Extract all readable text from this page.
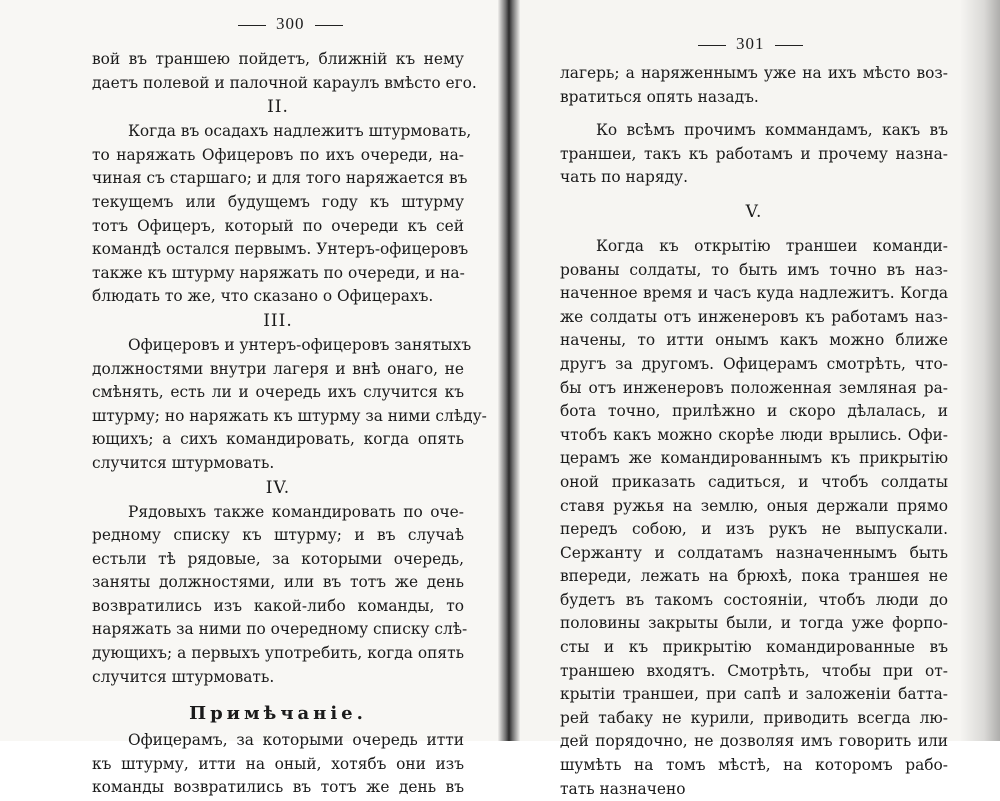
300
вой въ траншею пойдетъ, ближній къ нему
даетъ полевой и палочной караулъ вмѣсто его.
II.
Когда въ осадахъ надлежитъ штурмовать,
то наряжать Офицеровъ по ихъ очереди, на-
чиная съ старшаго; и для того наряжается въ
текущемъ или будущемъ году къ штурму
тотъ Офицеръ, который по очереди къ сей
командѣ остался первымъ. Унтеръ-офицеровъ
также къ штурму наряжать по очереди, и на-
блюдать то же, что сказано о Офицерахъ.
III.
Офицеровъ и унтеръ-офицеровъ занятыхъ
должностями внутри лагеря и внѣ онаго, не
смѣнять, есть ли и очередь ихъ случится къ
штурму; но наряжать къ штурму за ними слѣду-
ющихъ; а сихъ командировать, когда опять
случится штурмовать.
IV.
Рядовыхъ также командировать по оче-
редному списку къ штурму; и въ случаѣ
естьли тѣ рядовые, за которыми очередь,
заняты должностями, или въ тотъ же день
возвратились изъ какой-либо команды, то
наряжать за ними по очередному списку слѣ-
дующихъ; а первыхъ употребить, когда опять
случится штурмовать.
Примѣчаніе.
Офицерамъ, за которыми очередь итти
къ штурму, итти на оный, хотябъ они изъ
команды возвратились въ тотъ же день въ
301
лагерь; а наряженнымъ уже на ихъ мѣсто воз-
вратиться опять назадъ.
Ко всѣмъ прочимъ коммандамъ, какъ въ
траншеи, такъ къ работамъ и прочему назна-
чать по наряду.
V.
Когда къ открытію траншеи команди-
рованы солдаты, то быть имъ точно въ наз-
наченное время и часъ куда надлежитъ. Когда
же солдаты отъ инженеровъ къ работамъ наз-
начены, то итти онымъ какъ можно ближе
другъ за другомъ. Офицерамъ смотрѣть, что-
бы отъ инженеровъ положенная земляная ра-
бота точно, прилѣжно и скоро дѣлалась, и
чтобъ какъ можно скорѣе люди врылись. Офи-
церамъ же командированнымъ къ прикрытію
оной приказать садиться, и чтобъ солдаты
ставя ружья на землю, оныя держали прямо
передъ собою, и изъ рукъ не выпускали.
Сержанту и солдатамъ назначеннымъ быть
впереди, лежать на брюхѣ, пока траншея не
будетъ въ такомъ состояніи, чтобъ люди до
половины закрыты были, и тогда уже форпо-
сты и къ прикрытію командированные въ
траншею входятъ. Смотрѣть, чтобы при от-
крытіи траншеи, при сапѣ и заложеніи батта-
рей табаку не курили, приводить всегда лю-
дей порядочно, не дозволяя имъ говорить или
шумѣть на томъ мѣстѣ, на которомъ рабо-
тать назначено
